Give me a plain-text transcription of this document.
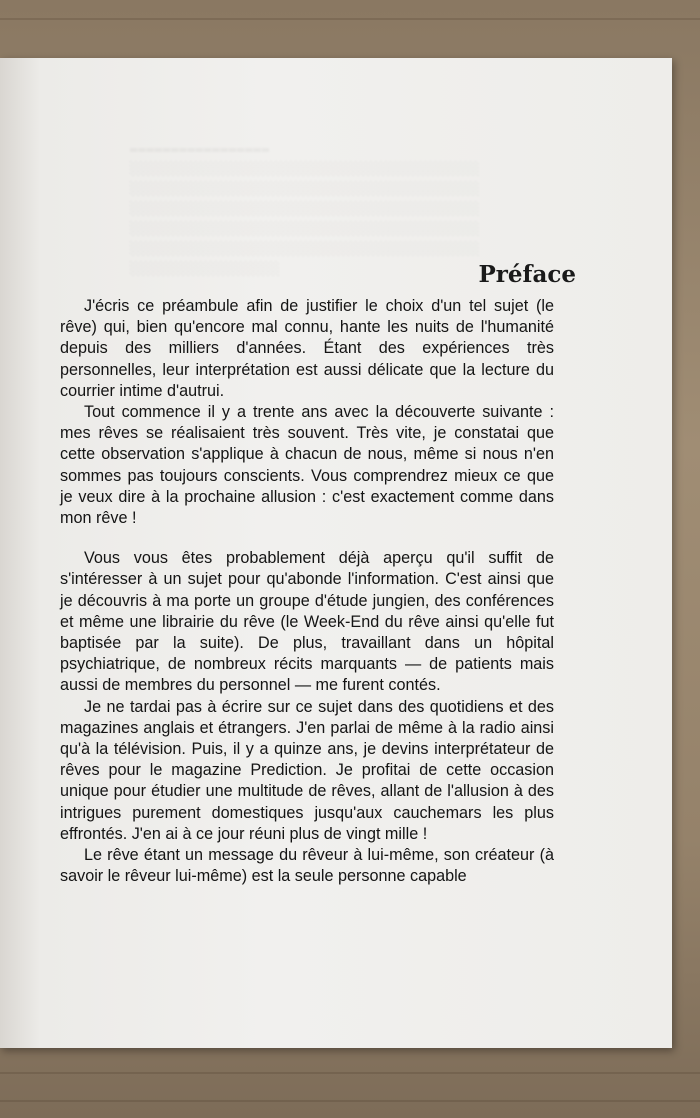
═════════════════
░░░░░░░░░░░░░░░░░░░░░░░░░░░░░░░░░░░
░░░░░░░░░░░░░░░░░░░░░░░░░░░░░░░░░░░
░░░░░░░░░░░░░░░░░░░░░░░░░░░░░░░░░░░
░░░░░░░░░░░░░░░░░░░░░░░░░░░░░░░░░░░
░░░░░░░░░░░░░░░░░░░░░░░░░░░░░░░░░░░
░░░░░░░░░░░░░░░	Préface

J'écris ce préambule afin de justifier le choix d'un tel sujet (le rêve) qui, bien qu'encore mal connu, hante les nuits de l'humanité depuis des milliers d'années. Étant des expériences très personnelles, leur interprétation est aussi délicate que la lecture du courrier intime d'autrui.

Tout commence il y a trente ans avec la découverte suivante : mes rêves se réalisaient très souvent. Très vite, je constatai que cette observation s'applique à chacun de nous, même si nous n'en sommes pas toujours conscients. Vous comprendrez mieux ce que je veux dire à la prochaine allusion : c'est exactement comme dans mon rêve !

Vous vous êtes probablement déjà aperçu qu'il suffit de s'intéresser à un sujet pour qu'abonde l'information. C'est ainsi que je découvris à ma porte un groupe d'étude jungien, des conférences et même une librairie du rêve (le Week-End du rêve ainsi qu'elle fut baptisée par la suite). De plus, travaillant dans un hôpital psychiatrique, de nombreux récits marquants — de patients mais aussi de membres du personnel — me furent contés.

Je ne tardai pas à écrire sur ce sujet dans des quotidiens et des magazines anglais et étrangers. J'en parlai de même à la radio ainsi qu'à la télévision. Puis, il y a quinze ans, je devins interprétateur de rêves pour le magazine Prediction. Je profitai de cette occasion unique pour étudier une multitude de rêves, allant de l'allusion à des intrigues purement domestiques jusqu'aux cauchemars les plus effrontés. J'en ai à ce jour réuni plus de vingt mille !

Le rêve étant un message du rêveur à lui-même, son créateur (à savoir le rêveur lui-même) est la seule personne capable
